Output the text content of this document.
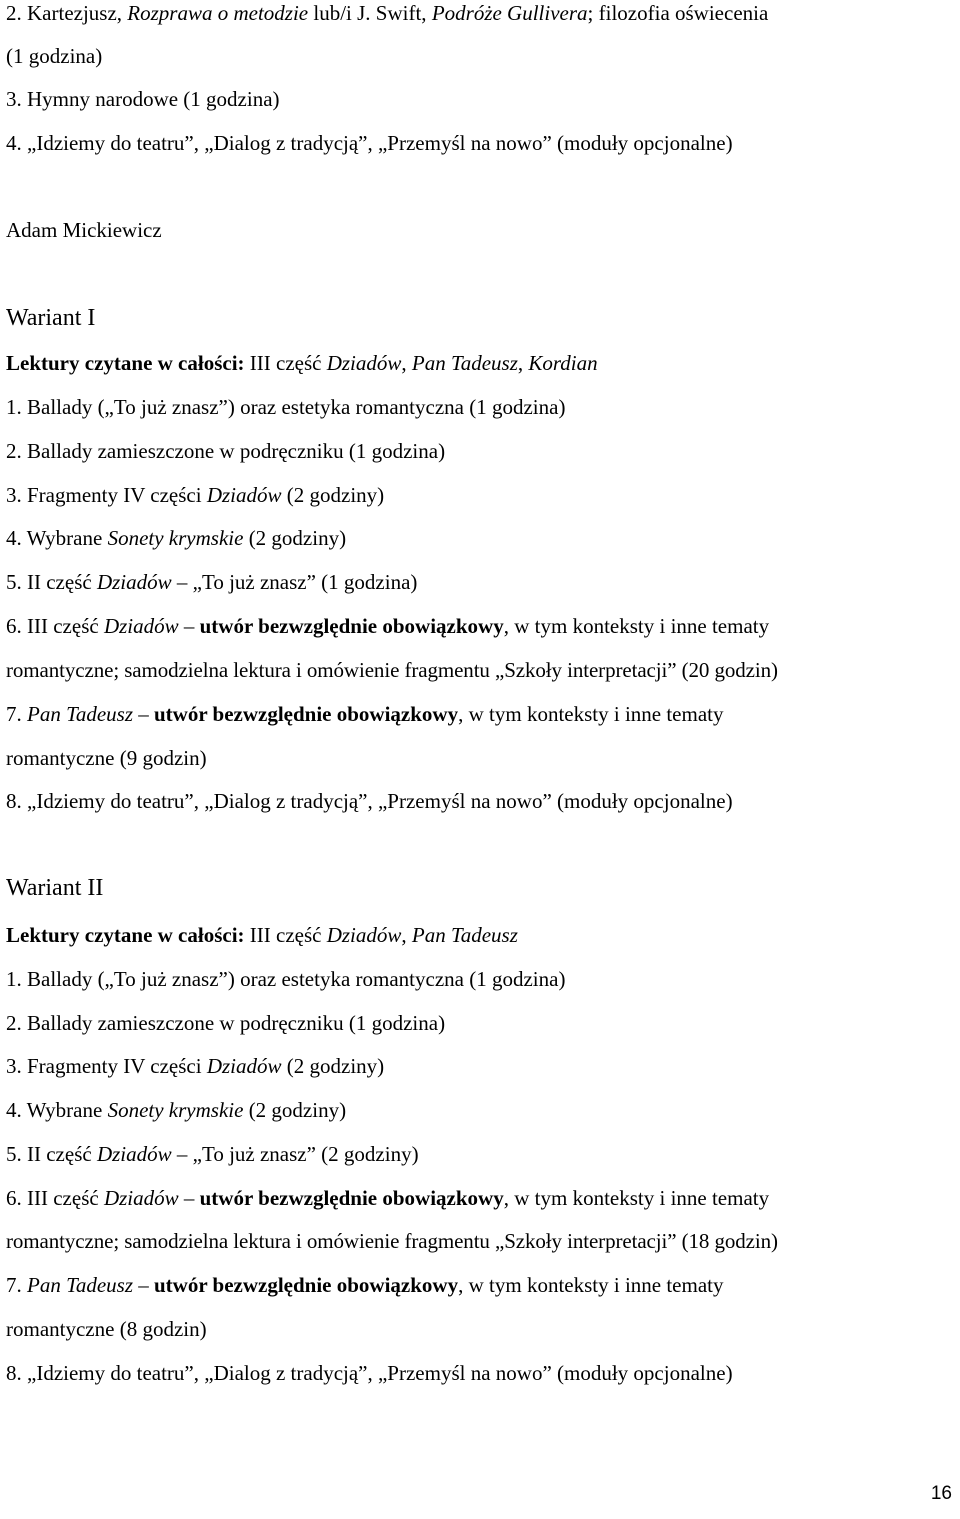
2. Kartezjusz, Rozprawa o metodzie lub/i J. Swift, Podróże Gullivera; filozofia oświecenia
(1 godzina)
3. Hymny narodowe (1 godzina)
4. „Idziemy do teatru”, „Dialog z tradycją”, „Przemyśl na nowo” (moduły opcjonalne)
Adam Mickiewicz
Wariant I
Lektury czytane w całości: III część Dziadów, Pan Tadeusz, Kordian
1. Ballady („To już znasz”) oraz estetyka romantyczna (1 godzina)
2. Ballady zamieszczone w podręczniku (1 godzina)
3. Fragmenty IV części Dziadów (2 godziny)
4. Wybrane Sonety krymskie (2 godziny)
5. II część Dziadów – „To już znasz” (1 godzina)
6. III część Dziadów – utwór bezwzględnie obowiązkowy, w tym konteksty i inne tematy
romantyczne; samodzielna lektura i omówienie fragmentu „Szkoły interpretacji” (20 godzin)
7. Pan Tadeusz – utwór bezwzględnie obowiązkowy, w tym konteksty i inne tematy
romantyczne (9 godzin)
8. „Idziemy do teatru”, „Dialog z tradycją”, „Przemyśl na nowo” (moduły opcjonalne)
Wariant II
Lektury czytane w całości: III część Dziadów, Pan Tadeusz
1. Ballady („To już znasz”) oraz estetyka romantyczna (1 godzina)
2. Ballady zamieszczone w podręczniku (1 godzina)
3. Fragmenty IV części Dziadów (2 godziny)
4. Wybrane Sonety krymskie (2 godziny)
5. II część Dziadów – „To już znasz” (2 godziny)
6. III część Dziadów – utwór bezwzględnie obowiązkowy, w tym konteksty i inne tematy
romantyczne; samodzielna lektura i omówienie fragmentu „Szkoły interpretacji” (18 godzin)
7. Pan Tadeusz – utwór bezwzględnie obowiązkowy, w tym konteksty i inne tematy
romantyczne (8 godzin)
8. „Idziemy do teatru”, „Dialog z tradycją”, „Przemyśl na nowo” (moduły opcjonalne)
16
